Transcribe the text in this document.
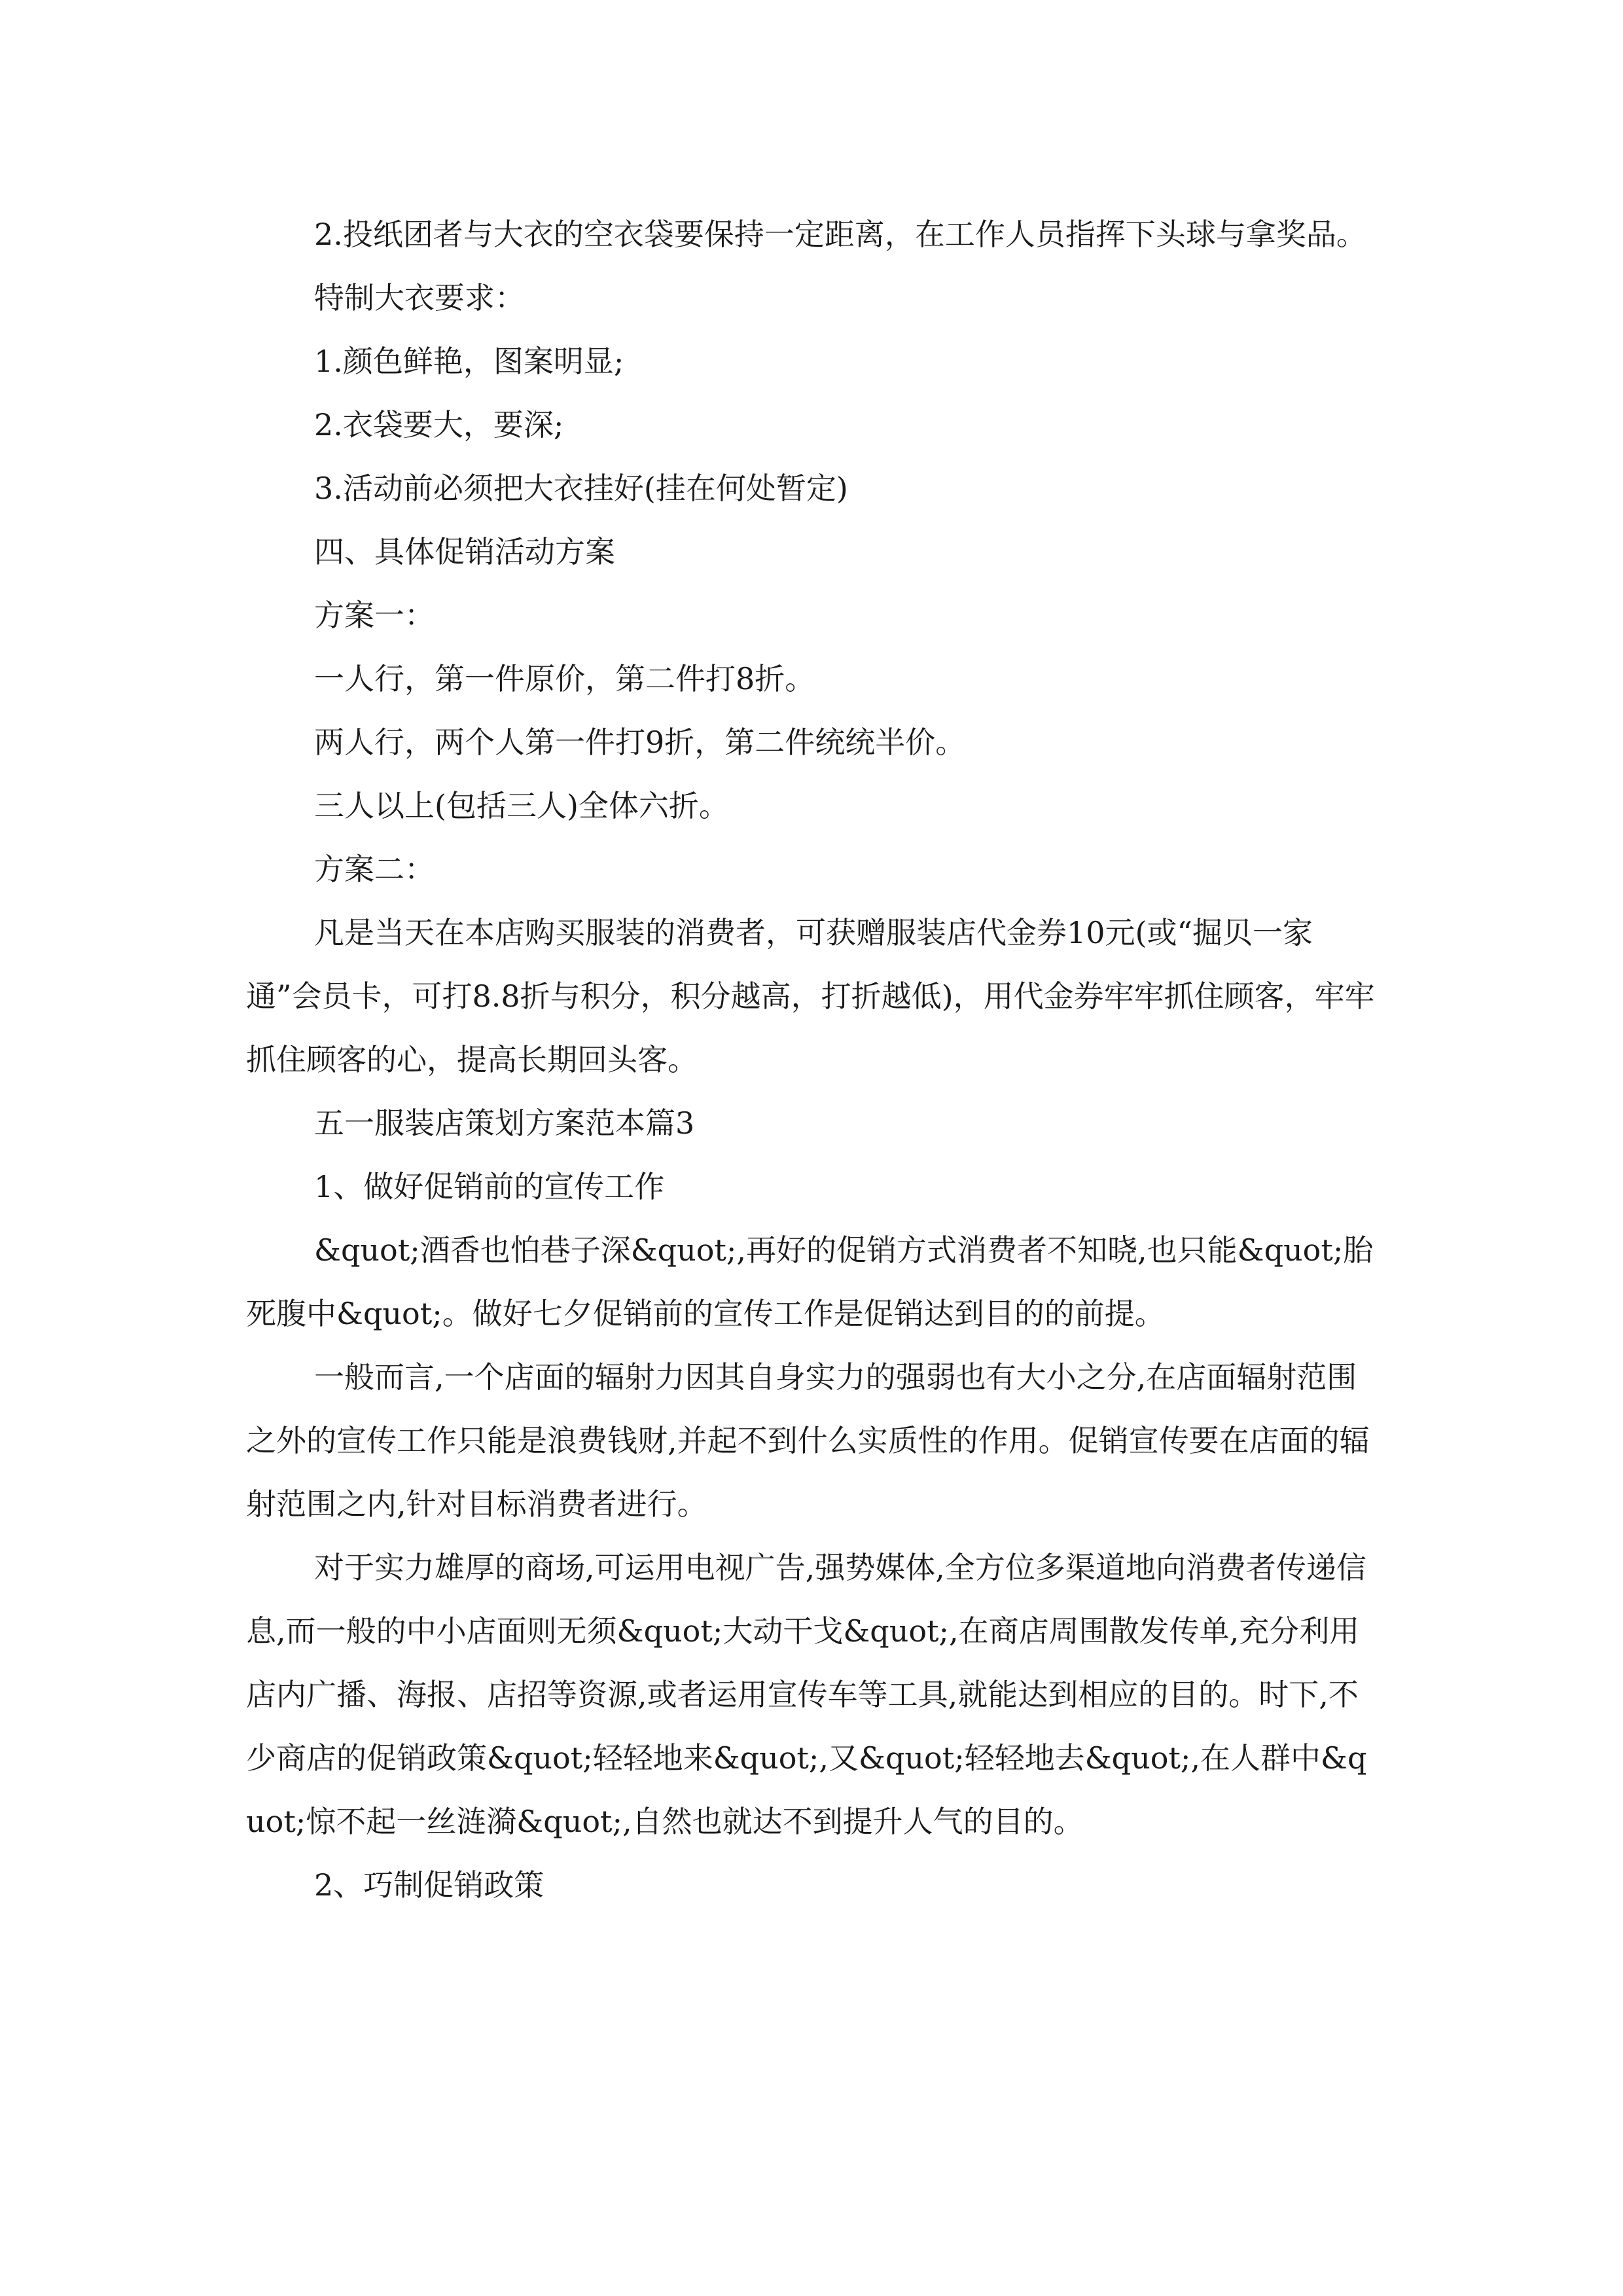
2.投纸团者与大衣的空衣袋要保持一定距离，在工作人员指挥下头球与拿奖品。

特制大衣要求：

1.颜色鲜艳，图案明显;

2.衣袋要大，要深;

3.活动前必须把大衣挂好(挂在何处暂定)

四、具体促销活动方案

方案一：

一人行，第一件原价，第二件打8折。

两人行，两个人第一件打9折，第二件统统半价。

三人以上(包括三人)全体六折。

方案二：

凡是当天在本店购买服装的消费者，可获赠服装店代金券10元(或“掘贝一家通”会员卡，可打8.8折与积分，积分越高，打折越低)，用代金券牢牢抓住顾客，牢牢抓住顾客的心，提高长期回头客。

五一服装店策划方案范本篇3

1、做好促销前的宣传工作

&quot;酒香也怕巷子深&quot;,再好的促销方式消费者不知晓,也只能&quot;胎死腹中&quot;。做好七夕促销前的宣传工作是促销达到目的的前提。

一般而言,一个店面的辐射力因其自身实力的强弱也有大小之分,在店面辐射范围之外的宣传工作只能是浪费钱财,并起不到什么实质性的作用。促销宣传要在店面的辐射范围之内,针对目标消费者进行。

对于实力雄厚的商场,可运用电视广告,强势媒体,全方位多渠道地向消费者传递信息,而一般的中小店面则无须&quot;大动干戈&quot;,在商店周围散发传单,充分利用店内广播、海报、店招等资源,或者运用宣传车等工具,就能达到相应的目的。时下,不少商店的促销政策&quot;轻轻地来&quot;,又&quot;轻轻地去&quot;,在人群中&quot;惊不起一丝涟漪&quot;,自然也就达不到提升人气的目的。

2、巧制促销政策
